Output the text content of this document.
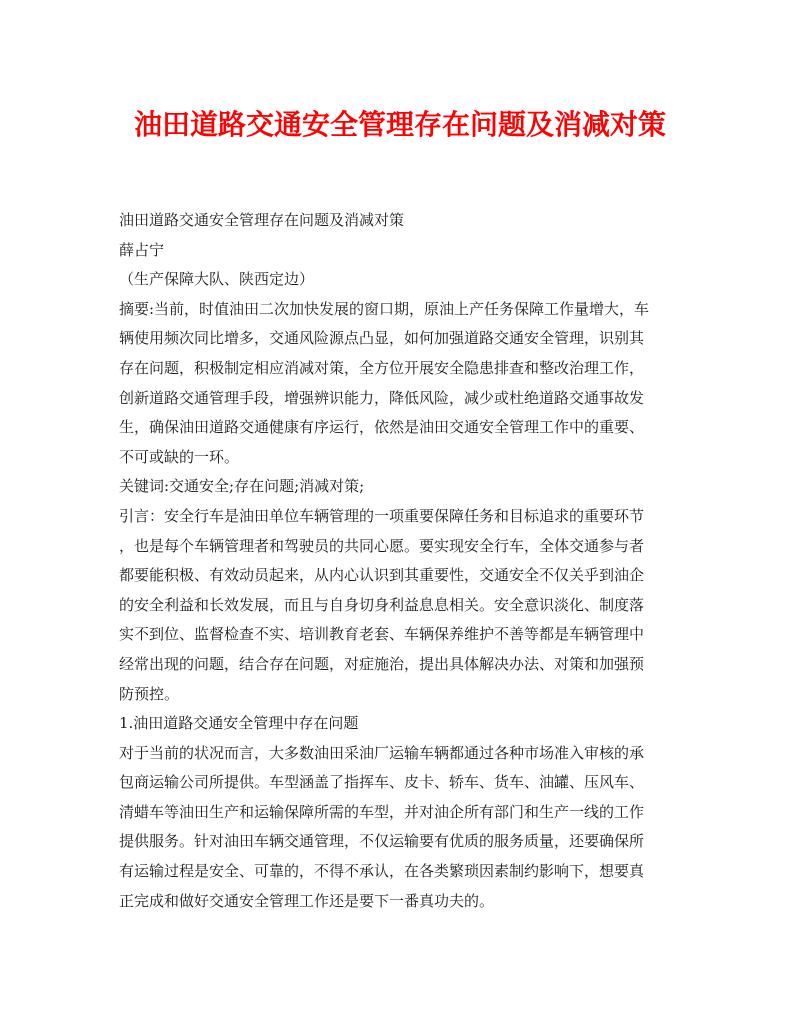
油田道路交通安全管理存在问题及消减对策
油田道路交通安全管理存在问题及消减对策
薛占宁
（生产保障大队、陕西定边）
摘要:当前，时值油田二次加快发展的窗口期，原油上产任务保障工作量增大，车
辆使用频次同比增多，交通风险源点凸显，如何加强道路交通安全管理，识别其
存在问题，积极制定相应消减对策，全方位开展安全隐患排查和整改治理工作，
创新道路交通管理手段，增强辨识能力，降低风险，减少或杜绝道路交通事故发
生，确保油田道路交通健康有序运行，依然是油田交通安全管理工作中的重要、
不可或缺的一环。
关键词:交通安全;存在问题;消减对策;
引言：安全行车是油田单位车辆管理的一项重要保障任务和目标追求的重要环节
，也是每个车辆管理者和驾驶员的共同心愿。要实现安全行车，全体交通参与者
都要能积极、有效动员起来，从内心认识到其重要性，交通安全不仅关乎到油企
的安全利益和长效发展，而且与自身切身利益息息相关。安全意识淡化、制度落
实不到位、监督检查不实、培训教育老套、车辆保养维护不善等都是车辆管理中
经常出现的问题，结合存在问题，对症施治，提出具体解决办法、对策和加强预
防预控。
1.油田道路交通安全管理中存在问题
对于当前的状况而言，大多数油田采油厂运输车辆都通过各种市场准入审核的承
包商运输公司所提供。车型涵盖了指挥车、皮卡、轿车、货车、油罐、压风车、
清蜡车等油田生产和运输保障所需的车型，并对油企所有部门和生产一线的工作
提供服务。针对油田车辆交通管理，不仅运输要有优质的服务质量，还要确保所
有运输过程是安全、可靠的，不得不承认，在各类繁琐因素制约影响下，想要真
正完成和做好交通安全管理工作还是要下一番真功夫的。
